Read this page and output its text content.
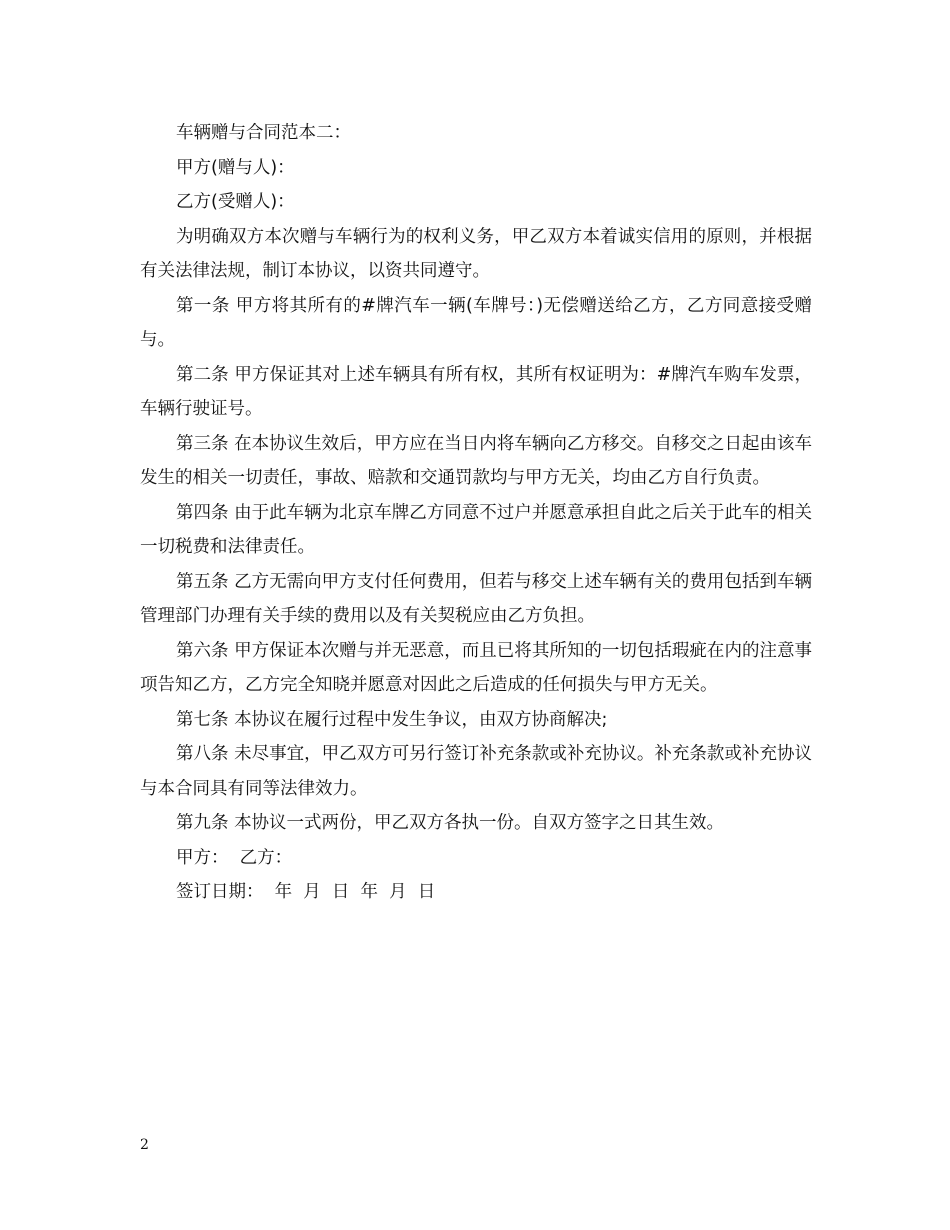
车辆赠与合同范本二：

甲方(赠与人)：

乙方(受赠人)：

为明确双方本次赠与车辆行为的权利义务，甲乙双方本着诚实信用的原则，并根据有关法律法规，制订本协议，以资共同遵守。

第一条 甲方将其所有的#牌汽车一辆(车牌号：)无偿赠送给乙方，乙方同意接受赠与。

第二条 甲方保证其对上述车辆具有所有权，其所有权证明为：#牌汽车购车发票，车辆行驶证号。

第三条 在本协议生效后，甲方应在当日内将车辆向乙方移交。自移交之日起由该车发生的相关一切责任，事故、赔款和交通罚款均与甲方无关，均由乙方自行负责。

第四条 由于此车辆为北京车牌乙方同意不过户并愿意承担自此之后关于此车的相关一切税费和法律责任。

第五条 乙方无需向甲方支付任何费用，但若与移交上述车辆有关的费用包括到车辆管理部门办理有关手续的费用以及有关契税应由乙方负担。

第六条 甲方保证本次赠与并无恶意，而且已将其所知的一切包括瑕疵在内的注意事项告知乙方，乙方完全知晓并愿意对因此之后造成的任何损失与甲方无关。

第七条 本协议在履行过程中发生争议，由双方协商解决;

第八条 未尽事宜，甲乙双方可另行签订补充条款或补充协议。补充条款或补充协议与本合同具有同等法律效力。

第九条 本协议一式两份，甲乙双方各执一份。自双方签字之日其生效。

甲方：  乙方：

签订日期：  年  月  日  年  月  日

2
